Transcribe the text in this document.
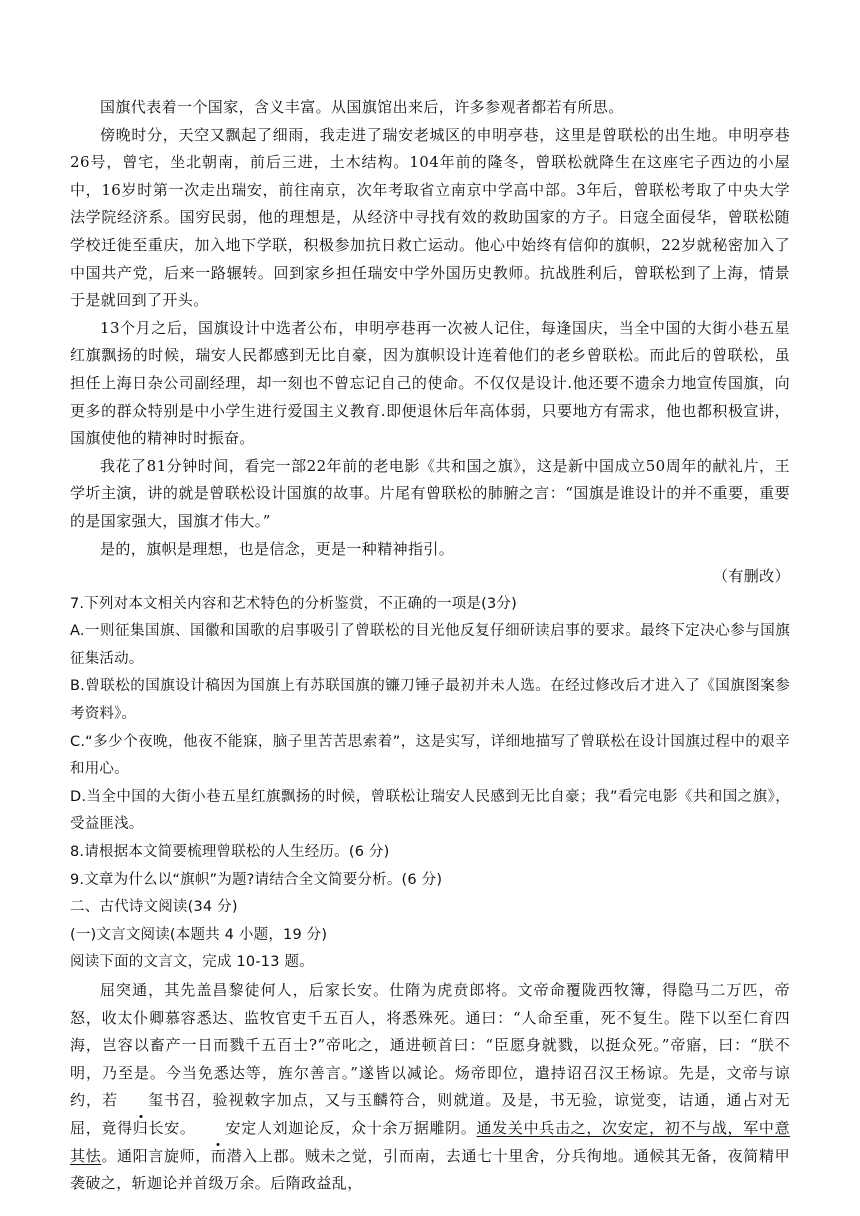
国旗代表着一个国家，含义丰富。从国旗馆出来后，许多参观者都若有所思。

傍晚时分，天空又飘起了细雨，我走进了瑞安老城区的申明亭巷，这里是曾联松的出生地。申明亭巷26号，曾宅，坐北朝南，前后三进，土木结构。104年前的隆冬，曾联松就降生在这座宅子西边的小屋中，16岁时第一次走出瑞安，前往南京，次年考取省立南京中学高中部。3年后，曾联松考取了中央大学法学院经济系。国穷民弱，他的理想是，从经济中寻找有效的救助国家的方子。日寇全面侵华，曾联松随学校迁徙至重庆，加入地下学联，积极参加抗日救亡运动。他心中始终有信仰的旗帜，22岁就秘密加入了中国共产党，后来一路辗转。回到家乡担任瑞安中学外国历史教师。抗战胜利后，曾联松到了上海，情景于是就回到了开头。

13个月之后，国旗设计中选者公布，申明亭巷再一次被人记住，每逢国庆，当全中国的大街小巷五星红旗飘扬的时候，瑞安人民都感到无比自豪，因为旗帜设计连着他们的老乡曾联松。而此后的曾联松，虽担任上海日杂公司副经理，却一刻也不曾忘记自己的使命。不仅仅是设计.他还要不遗余力地宣传国旗，向更多的群众特别是中小学生进行爱国主义教育.即便退休后年高体弱，只要地方有需求，他也都积极宣讲，国旗使他的精神时时振奋。

我花了81分钟时间，看完一部22年前的老电影《共和国之旗》，这是新中国成立50周年的献礼片，王学圻主演，讲的就是曾联松设计国旗的故事。片尾有曾联松的肺腑之言：“国旗是谁设计的并不重要，重要的是国家强大，国旗才伟大。”

是的，旗帜是理想，也是信念，更是一种精神指引。

（有删改）

7.下列对本文相关内容和艺术特色的分析鉴赏，不正确的一项是(3分)

A.一则征集国旗、国徽和国歌的启事吸引了曾联松的目光他反复仔细研读启事的要求。最终下定决心参与国旗征集活动。

B.曾联松的国旗设计稿因为国旗上有苏联国旗的镰刀锤子最初并未人选。在经过修改后才进入了《国旗图案参考资料》。

C.“多少个夜晚，他夜不能寐，脑子里苦苦思索着”，这是实写，详细地描写了曾联松在设计国旗过程中的艰辛和用心。

D.当全中国的大街小巷五星红旗飘扬的时候，曾联松让瑞安人民感到无比自豪；我”看完电影《共和国之旗》，受益匪浅。

8.请根据本文简要梳理曾联松的人生经历。(6 分)

9.文章为什么以“旗帜”为题?请结合全文简要分析。(6 分)

二、古代诗文阅读(34 分)

(一)文言文阅读(本题共 4 小题，19 分)

阅读下面的文言文，完成 10-13 题。

屈突通，其先盖昌黎徒何人，后家长安。仕隋为虎贲郎将。文帝命覆陇西牧簿，得隐马二万匹，帝怒，收太仆卿慕容悉达、监牧官吏千五百人，将悉殊死。通曰：“人命至重，死不复生。陛下以至仁育四海，岂容以畜产一日而戮千五百士?”帝叱之，通进顿首曰：“臣愿身就戮，以挺众死。”帝寤，曰：“朕不明，乃至是。今当免悉达等，旌尔善言。”遂皆以减论。炀帝即位，遣持诏召汉王杨谅。先是，文帝与谅约，若 玺书召，验视敕字加点，又与玉麟符合，则就道。及是，书无验，谅觉变，诘通，通占对无屈，竟得归长安。 安定人刘迦论反，众十余万据雕阴。通发关中兵击之，次安定，初不与战，军中意其怯。通阳言旋师，而潜入上郡。贼未之觉，引而南，去通七十里舍，分兵徇地。通候其无备，夜简精甲袭破之，斩迦论并首级万余。后隋政益乱，
